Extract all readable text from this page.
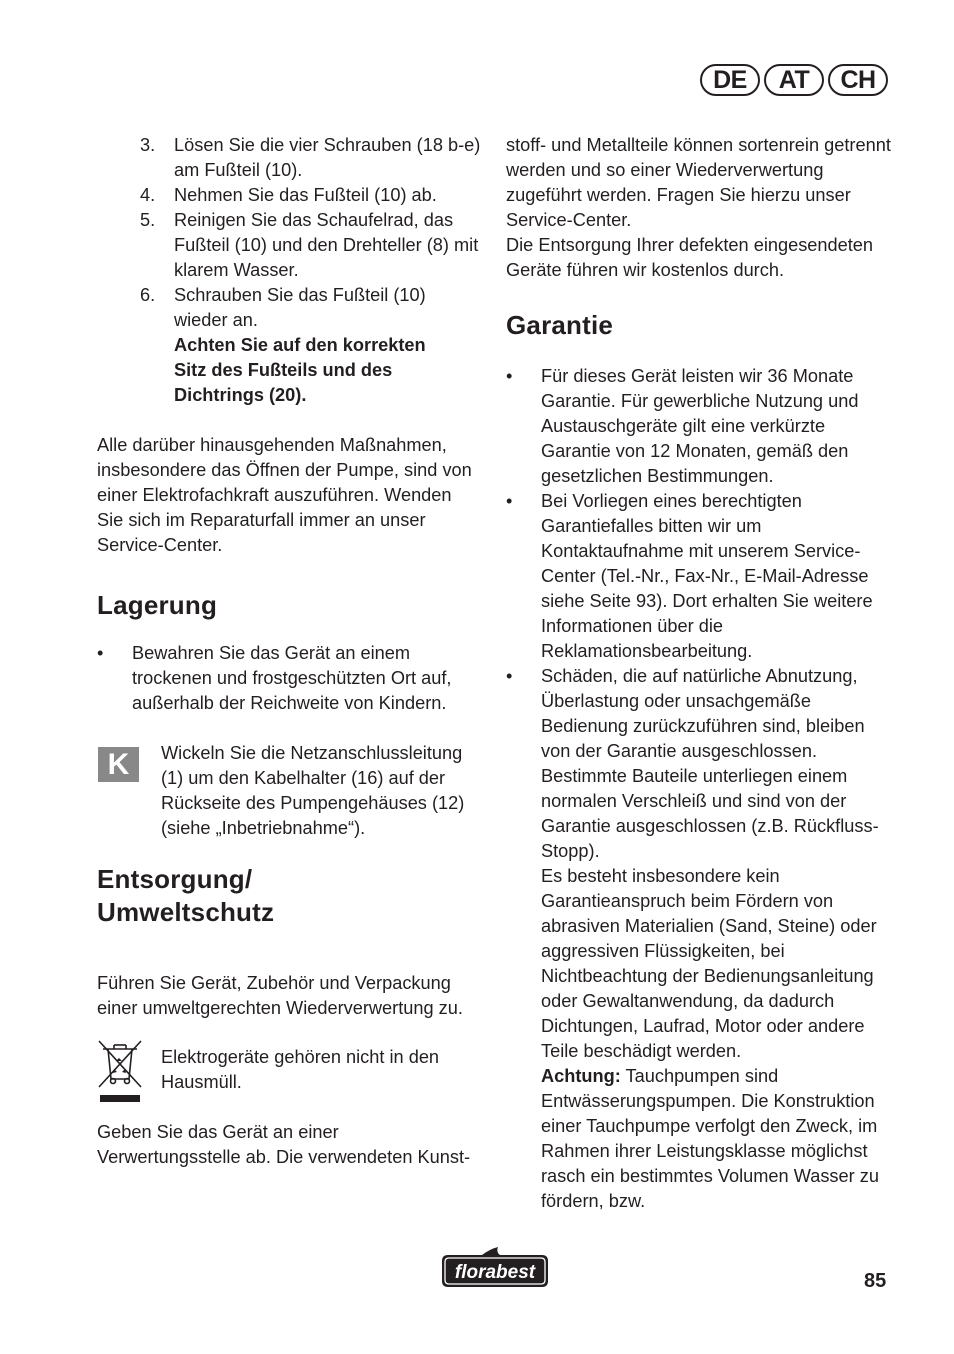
DE	AT	CH
3. Lösen Sie die vier Schrauben (18 b-e) am Fußteil (10).
4. Nehmen Sie das Fußteil (10) ab.
5. Reinigen Sie das Schaufelrad, das Fußteil (10) und den Drehteller (8) mit klarem Wasser.
6. Schrauben Sie das Fußteil (10) wieder an.

Achten Sie auf den korrekten Sitz des Fußteils und des Dichtrings (20).

Alle darüber hinausgehenden Maßnahmen, insbesondere das Öffnen der Pumpe, sind von einer Elektrofachkraft auszuführen. Wenden Sie sich im Reparaturfall immer an unser Service-Center.

Lagerung
• Bewahren Sie das Gerät an einem trockenen und frostgeschützten Ort auf, außerhalb der Reichweite von Kindern.
K	Wickeln Sie die Netzanschlussleitung (1) um den Kabelhalter (16) auf der Rückseite des Pumpengehäuses (12) (siehe „Inbetriebnahme“).

Entsorgung/
Umweltschutz

Führen Sie Gerät, Zubehör und Verpackung einer umweltgerechten Wiederverwertung zu.

Elektrogeräte gehören nicht in den Hausmüll.

Geben Sie das Gerät an einer Verwertungsstelle ab. Die verwendeten Kunst-

stoff- und Metallteile können sortenrein getrennt werden und so einer Wiederverwertung zugeführt werden. Fragen Sie hierzu unser Service-Center.

Die Entsorgung Ihrer defekten eingesendeten Geräte führen wir kostenlos durch.

Garantie
• Für dieses Gerät leisten wir 36 Monate Garantie. Für gewerbliche Nutzung und Austauschgeräte gilt eine verkürzte Garantie von 12 Monaten, gemäß den gesetzlichen Bestimmungen.
• Bei Vorliegen eines berechtigten Garantiefalles bitten wir um Kontaktaufnahme mit unserem Service-Center (Tel.-Nr., Fax-Nr., E-Mail-Adresse siehe Seite 93). Dort erhalten Sie weitere Informationen über die Reklamationsbearbeitung.
• Schäden, die auf natürliche Abnutzung, Überlastung oder unsachgemäße Bedienung zurückzuführen sind, bleiben von der Garantie ausgeschlossen. Bestimmte Bauteile unterliegen einem normalen Verschleiß und sind von der Garantie ausgeschlossen (z.B. Rückfluss-Stopp).

Es besteht insbesondere kein Garantieanspruch beim Fördern von abrasiven Materialien (Sand, Steine) oder aggressiven Flüssigkeiten, bei Nichtbeachtung der Bedienungsanleitung oder Gewaltanwendung, da dadurch Dichtungen, Laufrad, Motor oder andere Teile beschädigt werden.

Achtung: Tauchpumpen sind Entwässerungspumpen. Die Konstruktion einer Tauchpumpe verfolgt den Zweck, im Rahmen ihrer Leistungsklasse möglichst rasch ein bestimmtes Volumen Wasser zu fördern, bzw.

florabest	85
